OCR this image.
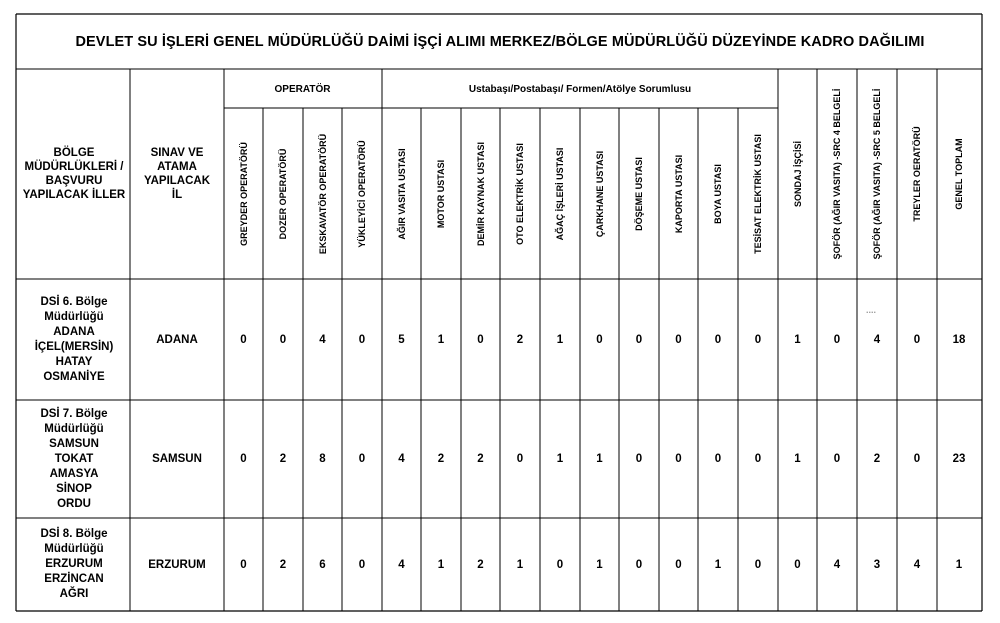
DEVLET SU İŞLERİ GENEL MÜDÜRLÜĞÜ DAİMİ İŞÇİ ALIMI MERKEZ/BÖLGE MÜDÜRLÜĞÜ DÜZEYİNDE KADRO DAĞILIMI
BÖLGE MÜDÜRLÜKLERİ / BAŞVURU YAPILACAK İLLER
SINAV VE ATAMA YAPILACAK İL
OPERATÖR	Ustabaşı/Postabaşı/ Formen/Atölye Sorumlusu
GREYDER OPERATÖRÜ	DOZER OPERATÖRÜ	EKSKAVATÖR OPERATÖRÜ	YÜKLEYİCİ OPERATÖRÜ	AĞIR VASITA USTASI	MOTOR USTASI	DEMİR KAYNAK USTASI	OTO ELEKTRİK USTASI	AĞAÇ İŞLERİ USTASI	ÇARKHANE USTASI	DÖŞEME USTASI	KAPORTA USTASI	BOYA USTASI	TESİSAT ELEKTRİK USTASI	SONDAJ İŞÇİSİ	ŞOFÖR (AĞIR VASITA) -SRC 4 BELGELİ	ŞOFÖR (AĞIR VASITA) -SRC 5 BELGELİ	TREYLER OERATÖRÜ	GENEL TOPLAM
DSİ 6. Bölge
Müdürlüğü
ADANA
İÇEL(MERSİN)
HATAY
OSMANİYE
ADANA	0	0	4	0	5	1	0	2	1	0	0	0	0	0	1	0	4	0	18
....
DSİ 7. Bölge
Müdürlüğü
SAMSUN
TOKAT
AMASYA
SİNOP
ORDU
SAMSUN	0	2	8	0	4	2	2	0	1	1	0	0	0	0	1	0	2	0	23
DSİ 8. Bölge
Müdürlüğü
ERZURUM
ERZİNCAN
AĞRI
ERZURUM	0	2	6	0	4	1	2	1	0	1	0	0	1	0	0	4	3	4	1
